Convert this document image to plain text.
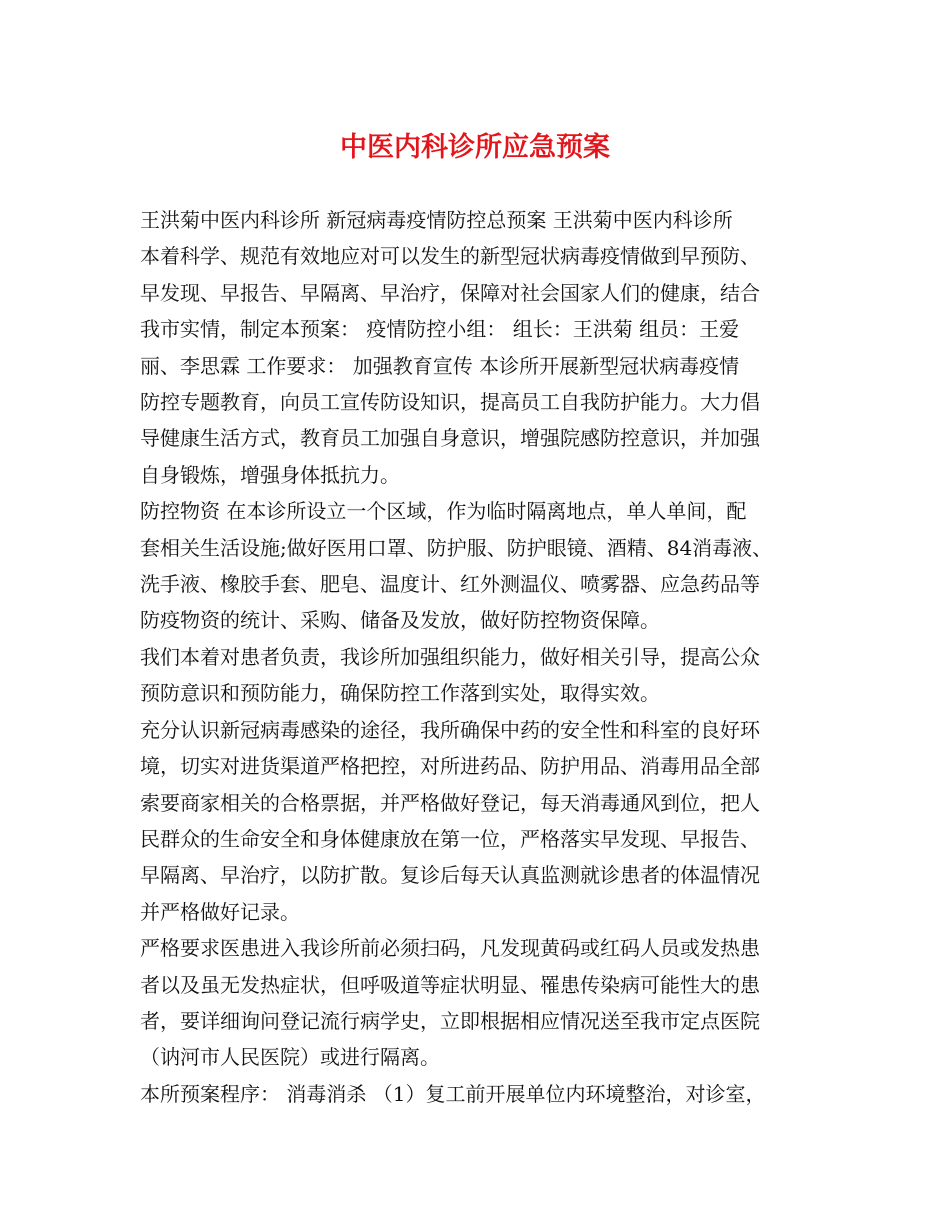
中医内科诊所应急预案

王洪菊中医内科诊所 新冠病毒疫情防控总预案 王洪菊中医内科诊所
本着科学、规范有效地应对可以发生的新型冠状病毒疫情做到早预防、
早发现、早报告、早隔离、早治疗，保障对社会国家人们的健康，结合
我市实情，制定本预案： 疫情防控小组： 组长：王洪菊 组员：王爱
丽、李思霖 工作要求： 加强教育宣传 本诊所开展新型冠状病毒疫情
防控专题教育，向员工宣传防设知识，提高员工自我防护能力。大力倡
导健康生活方式，教育员工加强自身意识，增强院感防控意识，并加强
自身锻炼，增强身体抵抗力。

防控物资 在本诊所设立一个区域，作为临时隔离地点，单人单间，配
套相关生活设施;做好医用口罩、防护服、防护眼镜、酒精、84消毒液、
洗手液、橡胶手套、肥皂、温度计、红外测温仪、喷雾器、应急药品等
防疫物资的统计、采购、储备及发放，做好防控物资保障。

我们本着对患者负责，我诊所加强组织能力，做好相关引导，提高公众
预防意识和预防能力，确保防控工作落到实处，取得实效。

充分认识新冠病毒感染的途径，我所确保中药的安全性和科室的良好环
境，切实对进货渠道严格把控，对所进药品、防护用品、消毒用品全部
索要商家相关的合格票据，并严格做好登记，每天消毒通风到位，把人
民群众的生命安全和身体健康放在第一位，严格落实早发现、早报告、
早隔离、早治疗，以防扩散。复诊后每天认真监测就诊患者的体温情况
并严格做好记录。

严格要求医患进入我诊所前必须扫码，凡发现黄码或红码人员或发热患
者以及虽无发热症状，但呼吸道等症状明显、罹患传染病可能性大的患
者，要详细询问登记流行病学史，立即根据相应情况送至我市定点医院
（讷河市人民医院）或进行隔离。

本所预案程序： 消毒消杀 （1）复工前开展单位内环境整治，对诊室，
